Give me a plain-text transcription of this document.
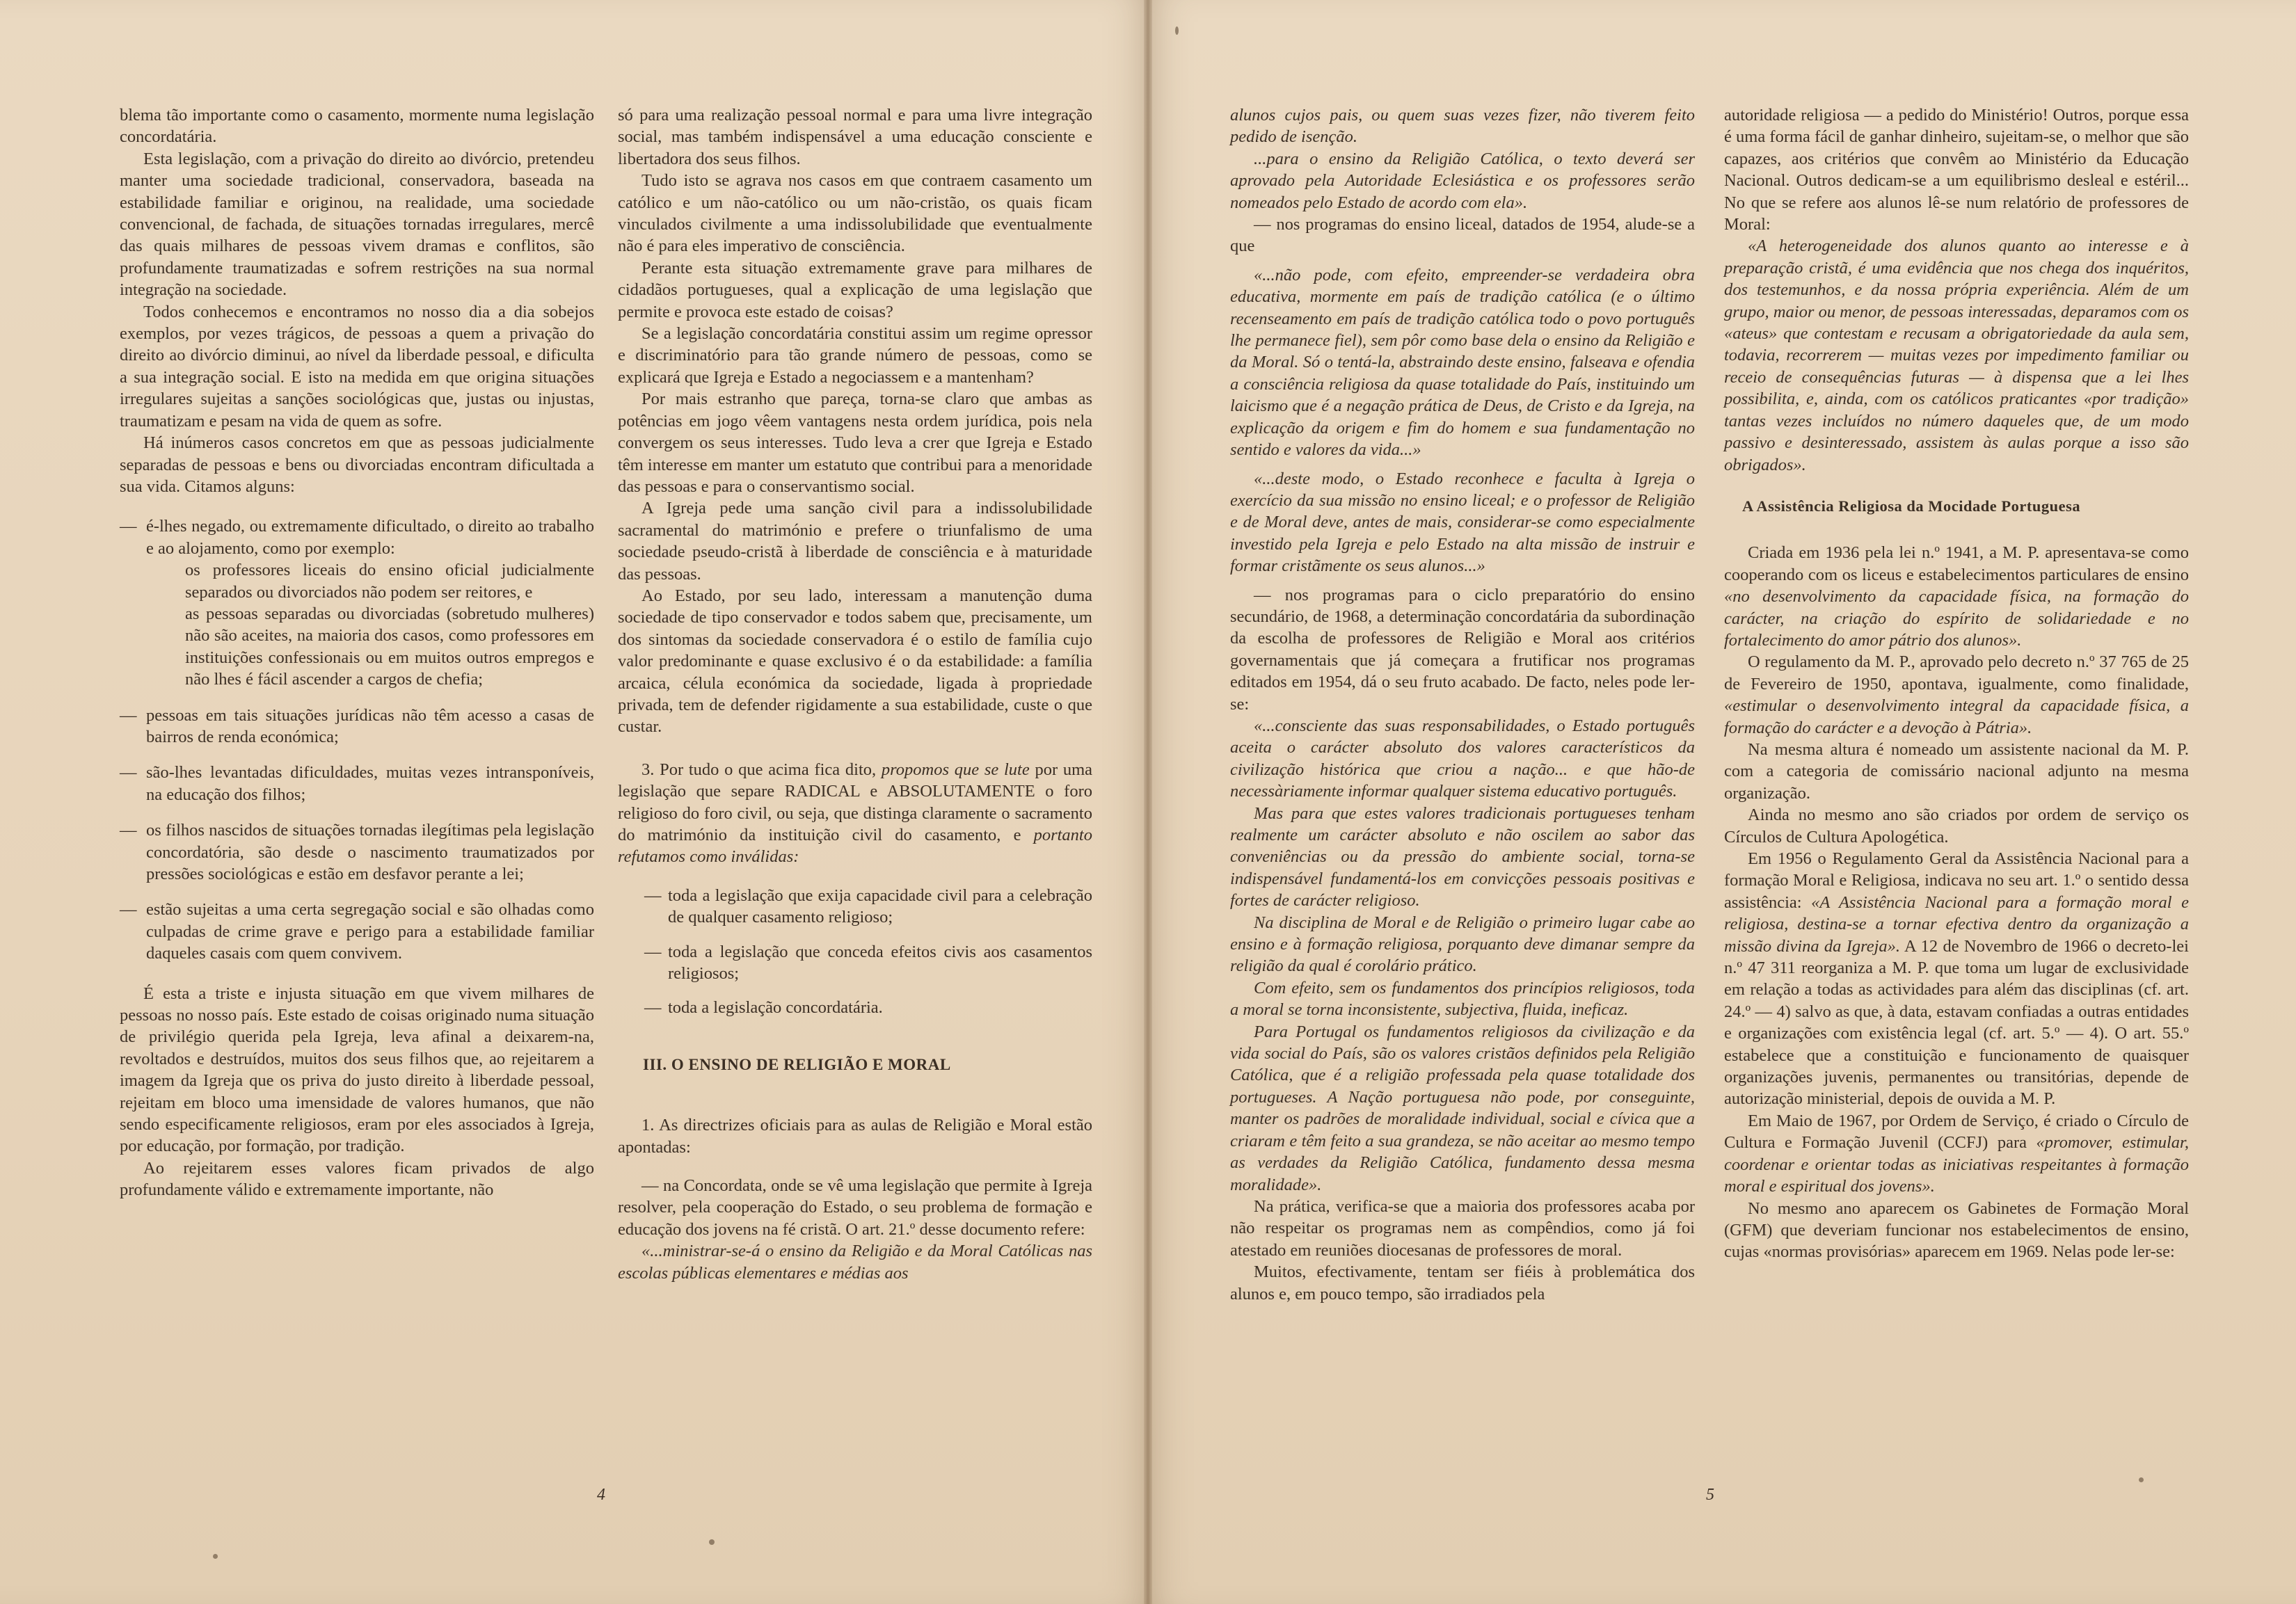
blema tão importante como o casamento, mormente numa legislação concordatária.

Esta legislação, com a privação do direito ao divórcio, pretendeu manter uma sociedade tradicional, conservadora, baseada na estabilidade familiar e originou, na realidade, uma sociedade convencional, de fachada, de situações tornadas irregulares, mercê das quais milhares de pessoas vivem dramas e conflitos, são profundamente traumatizadas e sofrem restrições na sua normal integração na sociedade.

Todos conhecemos e encontramos no nosso dia a dia sobejos exemplos, por vezes trágicos, de pessoas a quem a privação do direito ao divórcio diminui, ao nível da liberdade pessoal, e dificulta a sua integração social. E isto na medida em que origina situações irregulares sujeitas a sanções sociológicas que, justas ou injustas, traumatizam e pesam na vida de quem as sofre.

Há inúmeros casos concretos em que as pessoas judicialmente separadas de pessoas e bens ou divorciadas encontram dificultada a sua vida. Citamos alguns:

— é-lhes negado, ou extremamente dificultado, o direito ao trabalho e ao alojamento, como por exemplo:
os professores liceais do ensino oficial judicialmente separados ou divorciados não podem ser reitores, e
as pessoas separadas ou divorciadas (sobretudo mulheres) não são aceites, na maioria dos casos, como professores em instituições confessionais ou em muitos outros empregos e não lhes é fácil ascender a cargos de chefia;
— pessoas em tais situações jurídicas não têm acesso a casas de bairros de renda económica;
— são-lhes levantadas dificuldades, muitas vezes intransponíveis, na educação dos filhos;
— os filhos nascidos de situações tornadas ilegítimas pela legislação concordatória, são desde o nascimento traumatizados por pressões sociológicas e estão em desfavor perante a lei;
— estão sujeitas a uma certa segregação social e são olhadas como culpadas de crime grave e perigo para a estabilidade familiar daqueles casais com quem convivem.

É esta a triste e injusta situação em que vivem milhares de pessoas no nosso país. Este estado de coisas originado numa situação de privilégio querida pela Igreja, leva afinal a deixarem-na, revoltados e destruídos, muitos dos seus filhos que, ao rejeitarem a imagem da Igreja que os priva do justo direito à liberdade pessoal, rejeitam em bloco uma imensidade de valores humanos, que não sendo especificamente religiosos, eram por eles associados à Igreja, por educação, por formação, por tradição.

Ao rejeitarem esses valores ficam privados de algo profundamente válido e extremamente importante, não

só para uma realização pessoal normal e para uma livre integração social, mas também indispensável a uma educação consciente e libertadora dos seus filhos.

Tudo isto se agrava nos casos em que contraem casamento um católico e um não-católico ou um não-cristão, os quais ficam vinculados civilmente a uma indissolubilidade que eventualmente não é para eles imperativo de consciência.

Perante esta situação extremamente grave para milhares de cidadãos portugueses, qual a explicação de uma legislação que permite e provoca este estado de coisas?

Se a legislação concordatária constitui assim um regime opressor e discriminatório para tão grande número de pessoas, como se explicará que Igreja e Estado a negociassem e a mantenham?

Por mais estranho que pareça, torna-se claro que ambas as potências em jogo vêem vantagens nesta ordem jurídica, pois nela convergem os seus interesses. Tudo leva a crer que Igreja e Estado têm interesse em manter um estatuto que contribui para a menoridade das pessoas e para o conservantismo social.

A Igreja pede uma sanção civil para a indissolubilidade sacramental do matrimónio e prefere o triunfalismo de uma sociedade pseudo-cristã à liberdade de consciência e à maturidade das pessoas.

Ao Estado, por seu lado, interessam a manutenção duma sociedade de tipo conservador e todos sabem que, precisamente, um dos sintomas da sociedade conservadora é o estilo de família cujo valor predominante e quase exclusivo é o da estabilidade: a família arcaica, célula económica da sociedade, ligada à propriedade privada, tem de defender rigidamente a sua estabilidade, custe o que custar.

3. Por tudo o que acima fica dito, propomos que se lute por uma legislação que separe RADICAL e ABSOLUTAMENTE o foro religioso do foro civil, ou seja, que distinga claramente o sacramento do matrimónio da instituição civil do casamento, e portanto refutamos como inválidas:

— toda a legislação que exija capacidade civil para a celebração de qualquer casamento religioso;
— toda a legislação que conceda efeitos civis aos casamentos religiosos;
— toda a legislação concordatária.

III. O ENSINO DE RELIGIÃO E MORAL

1. As directrizes oficiais para as aulas de Religião e Moral estão apontadas:

— na Concordata, onde se vê uma legislação que permite à Igreja resolver, pela cooperação do Estado, o seu problema de formação e educação dos jovens na fé cristã. O art. 21.º desse documento refere:

«...ministrar-se-á o ensino da Religião e da Moral Católicas nas escolas públicas elementares e médias aos

4

alunos cujos pais, ou quem suas vezes fizer, não tiverem feito pedido de isenção.

...para o ensino da Religião Católica, o texto deverá ser aprovado pela Autoridade Eclesiástica e os professores serão nomeados pelo Estado de acordo com ela».

— nos programas do ensino liceal, datados de 1954, alude-se a que

«...não pode, com efeito, empreender-se verdadeira obra educativa, mormente em país de tradição católica (e o último recenseamento em país de tradição católica todo o povo português lhe permanece fiel), sem pôr como base dela o ensino da Religião e da Moral. Só o tentá-la, abstraindo deste ensino, falseava e ofendia a consciência religiosa da quase totalidade do País, instituindo um laicismo que é a negação prática de Deus, de Cristo e da Igreja, na explicação da origem e fim do homem e sua fundamentação no sentido e valores da vida...»

«...deste modo, o Estado reconhece e faculta à Igreja o exercício da sua missão no ensino liceal; e o professor de Religião e de Moral deve, antes de mais, considerar-se como especialmente investido pela Igreja e pelo Estado na alta missão de instruir e formar cristãmente os seus alunos...»

— nos programas para o ciclo preparatório do ensino secundário, de 1968, a determinação concordatária da subordinação da escolha de professores de Religião e Moral aos critérios governamentais que já começara a frutificar nos programas editados em 1954, dá o seu fruto acabado. De facto, neles pode ler-se:

«...consciente das suas responsabilidades, o Estado português aceita o carácter absoluto dos valores característicos da civilização histórica que criou a nação... e que hão-de necessàriamente informar qualquer sistema educativo português.

Mas para que estes valores tradicionais portugueses tenham realmente um carácter absoluto e não oscilem ao sabor das conveniências ou da pressão do ambiente social, torna-se indispensável fundamentá-los em convicções pessoais positivas e fortes de carácter religioso.

Na disciplina de Moral e de Religião o primeiro lugar cabe ao ensino e à formação religiosa, porquanto deve dimanar sempre da religião da qual é corolário prático.

Com efeito, sem os fundamentos dos princípios religiosos, toda a moral se torna inconsistente, subjectiva, fluida, ineficaz.

Para Portugal os fundamentos religiosos da civilização e da vida social do País, são os valores cristãos definidos pela Religião Católica, que é a religião professada pela quase totalidade dos portugueses. A Nação portuguesa não pode, por conseguinte, manter os padrões de moralidade individual, social e cívica que a criaram e têm feito a sua grandeza, se não aceitar ao mesmo tempo as verdades da Religião Católica, fundamento dessa mesma moralidade».

Na prática, verifica-se que a maioria dos professores acaba por não respeitar os programas nem as compêndios, como já foi atestado em reuniões diocesanas de professores de moral.

Muitos, efectivamente, tentam ser fiéis à problemática dos alunos e, em pouco tempo, são irradiados pela

autoridade religiosa — a pedido do Ministério! Outros, porque essa é uma forma fácil de ganhar dinheiro, sujeitam-se, o melhor que são capazes, aos critérios que convêm ao Ministério da Educação Nacional. Outros dedicam-se a um equilibrismo desleal e estéril... No que se refere aos alunos lê-se num relatório de professores de Moral:

«A heterogeneidade dos alunos quanto ao interesse e à preparação cristã, é uma evidência que nos chega dos inquéritos, dos testemunhos, e da nossa própria experiência. Além de um grupo, maior ou menor, de pessoas interessadas, deparamos com os «ateus» que contestam e recusam a obrigatoriedade da aula sem, todavia, recorrerem — muitas vezes por impedimento familiar ou receio de consequências futuras — à dispensa que a lei lhes possibilita, e, ainda, com os católicos praticantes «por tradição» tantas vezes incluídos no número daqueles que, de um modo passivo e desinteressado, assistem às aulas porque a isso são obrigados».

A Assistência Religiosa da Mocidade Portuguesa

Criada em 1936 pela lei n.º 1941, a M. P. apresentava-se como cooperando com os liceus e estabelecimentos particulares de ensino «no desenvolvimento da capacidade física, na formação do carácter, na criação do espírito de solidariedade e no fortalecimento do amor pátrio dos alunos».

O regulamento da M. P., aprovado pelo decreto n.º 37 765 de 25 de Fevereiro de 1950, apontava, igualmente, como finalidade, «estimular o desenvolvimento integral da capacidade física, a formação do carácter e a devoção à Pátria».

Na mesma altura é nomeado um assistente nacional da M. P. com a categoria de comissário nacional adjunto na mesma organização.

Ainda no mesmo ano são criados por ordem de serviço os Círculos de Cultura Apologética.

Em 1956 o Regulamento Geral da Assistência Nacional para a formação Moral e Religiosa, indicava no seu art. 1.º o sentido dessa assistência: «A Assistência Nacional para a formação moral e religiosa, destina-se a tornar efectiva dentro da organização a missão divina da Igreja». A 12 de Novembro de 1966 o decreto-lei n.º 47 311 reorganiza a M. P. que toma um lugar de exclusividade em relação a todas as actividades para além das disciplinas (cf. art. 24.º — 4) salvo as que, à data, estavam confiadas a outras entidades e organizações com existência legal (cf. art. 5.º — 4). O art. 55.º estabelece que a constituição e funcionamento de quaisquer organizações juvenis, permanentes ou transitórias, depende de autorização ministerial, depois de ouvida a M. P.

Em Maio de 1967, por Ordem de Serviço, é criado o Círculo de Cultura e Formação Juvenil (CCFJ) para «promover, estimular, coordenar e orientar todas as iniciativas respeitantes à formação moral e espiritual dos jovens».

No mesmo ano aparecem os Gabinetes de Formação Moral (GFM) que deveriam funcionar nos estabelecimentos de ensino, cujas «normas provisórias» aparecem em 1969. Nelas pode ler-se:

5
